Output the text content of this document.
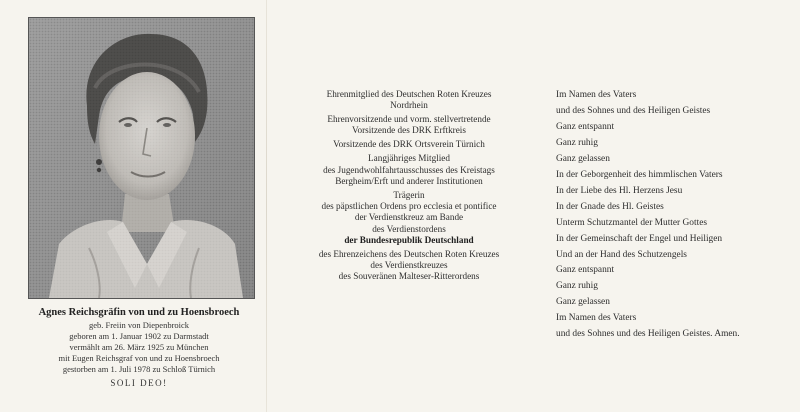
Agnes Reichsgräfin von und zu Hoensbroech
geb. Freiin von Diepenbroick
geboren am 1. Januar 1902 zu Darmstadt
vermählt am 26. März 1925 zu München
mit Eugen Reichsgraf von und zu Hoensbroech
gestorben am 1. Juli 1978 zu Schloß Türnich
SOLI DEO!
Ehrenmitglied des Deutschen Roten Kreuzes
Nordrhein
Ehrenvorsitzende und vorm. stellvertretende
Vorsitzende des DRK Erftkreis
Vorsitzende des DRK Ortsverein Türnich
Langjähriges Mitglied
des Jugendwohlfahrtausschusses des Kreistags
Bergheim/Erft und anderer Institutionen
Trägerin
des päpstlichen Ordens pro ecclesia et pontifice
der Verdienstkreuz am Bande
des Verdienstordens
der Bundesrepublik Deutschland
des Ehrenzeichens des Deutschen Roten Kreuzes
des Verdienstkreuzes
des Souveränen Malteser-Ritterordens
Im Namen des Vaters
und des Sohnes und des Heiligen Geistes
Ganz entspannt
Ganz ruhig
Ganz gelassen
In der Geborgenheit des himmlischen Vaters
In der Liebe des Hl. Herzens Jesu
In der Gnade des Hl. Geistes
Unterm Schutzmantel der Mutter Gottes
In der Gemeinschaft der Engel und Heiligen
Und an der Hand des Schutzengels
Ganz entspannt
Ganz ruhig
Ganz gelassen
Im Namen des Vaters
und des Sohnes und des Heiligen Geistes. Amen.
